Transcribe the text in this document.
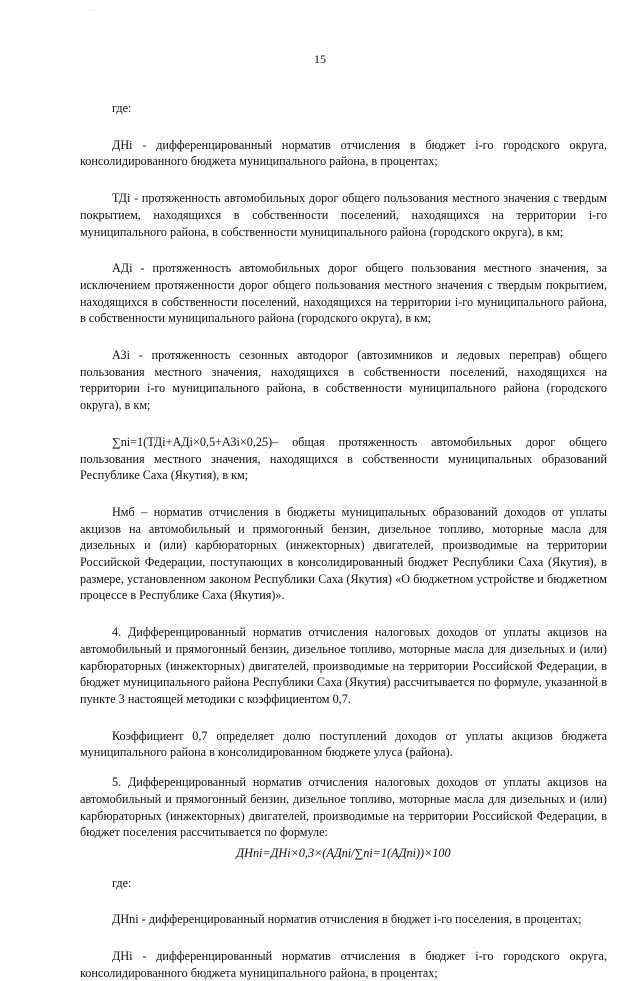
· ·
15

где:

ДНi - дифференцированный норматив отчисления в бюджет i-го городского округа, консолидированного бюджета муниципального района, в процентах;

ТДi - протяженность автомобильных дорог общего пользования местного значения с твердым покрытием, находящихся в собственности поселений, находящихся на территории i-го муниципального района, в собственности муниципального района (городского округа), в км;

АДi - протяженность автомобильных дорог общего пользования местного значения, за исключением протяженности дорог общего пользования местного значения с твердым покрытием, находящихся в собственности поселений, находящихся на территории i-го муниципального района, в собственности муниципального района (городского округа), в км;

АЗi - протяженность сезонных автодорог (автозимников и ледовых переправ) общего пользования местного значения, находящихся в собственности поселений, находящихся на территории i-го муниципального района, в собственности муниципального района (городского округа), в км;

∑ni=1(ТДi+АДi×0,5+АЗi×0,25)– общая протяженность автомобильных дорог общего пользования местного значения, находящихся в собственности муниципальных образований Республике Саха (Якутия), в км;

Нмб – норматив отчисления в бюджеты муниципальных образований доходов от уплаты акцизов на автомобильный и прямогонный бензин, дизельное топливо, моторные масла для дизельных и (или) карбюраторных (инжекторных) двигателей, производимые на территории Российской Федерации, поступающих в консолидированный бюджет Республики Саха (Якутия), в размере, установленном законом Республики Саха (Якутия) «О бюджетном устройстве и бюджетном процессе в Республике Саха (Якутия)».

4. Дифференцированный норматив отчисления налоговых доходов от уплаты акцизов на автомобильный и прямогонный бензин, дизельное топливо, моторные масла для дизельных и (или) карбюраторных (инжекторных) двигателей, производимые на территории Российской Федерации, в бюджет муниципального района Республики Саха (Якутия) рассчитывается по формуле, указанной в пункте 3 настоящей методики с коэффициентом 0,7.

Коэффициент 0,7 определяет долю поступлений доходов от уплаты акцизов бюджета муниципального района в консолидированном бюджете улуса (района).

5. Дифференцированный норматив отчисления налоговых доходов от уплаты акцизов на автомобильный и прямогонный бензин, дизельное топливо, моторные масла для дизельных и (или) карбюраторных (инжекторных) двигателей, производимые на территории Российской Федерации, в бюджет поселения рассчитывается по формуле:

ДНni=ДНi×0,3×(АДni/∑ni=1(АДni))×100

где:

ДНni - дифференцированный норматив отчисления в бюджет i-го поселения, в процентах;

ДНi - дифференцированный норматив отчисления в бюджет i-го городского округа, консолидированного бюджета муниципального района, в процентах;
